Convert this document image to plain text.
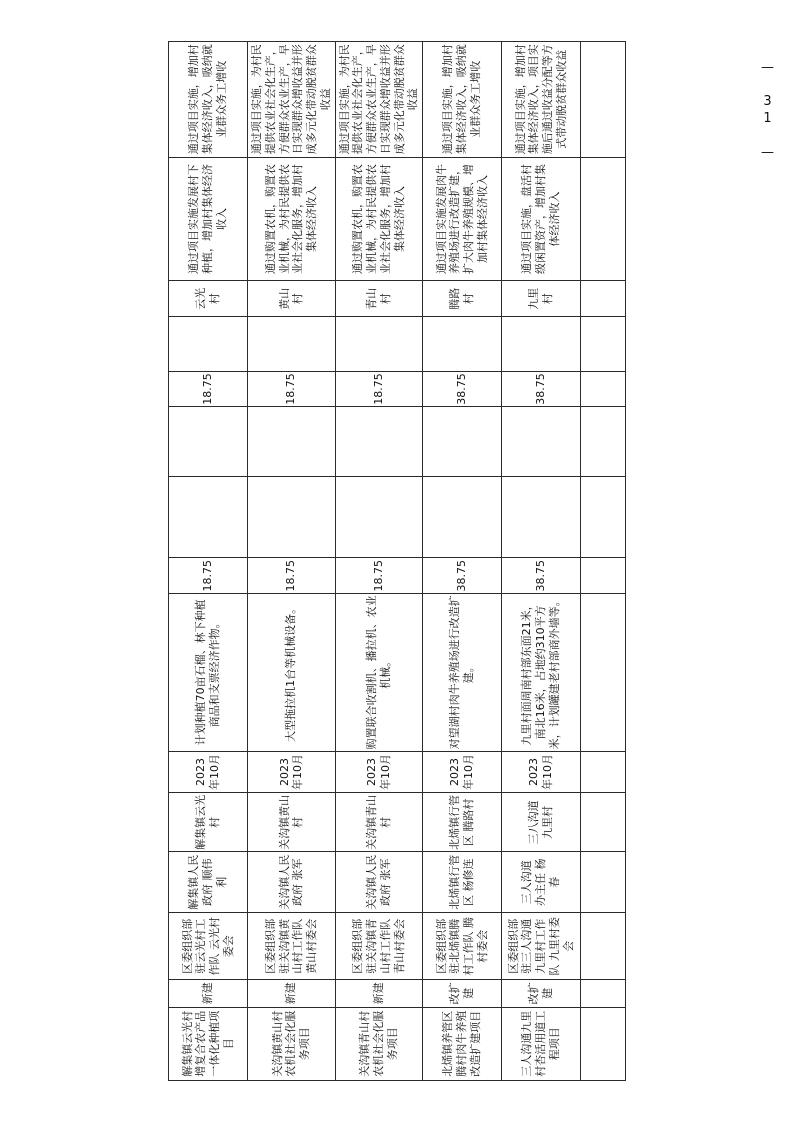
— 31 —
解集镇云光村增复合农产品一体化种植项目	新建	区委组织部 驻云光村工作队 云光村委会	解集镇人民政府 顺伟利	解集镇云光村	2023年10月	计划种植70亩石榴、林下种植商品和支票经济作物。	18.75			18.75		云光村	通过项目实施发展村下种植，增加村集体经济收入	通过项目实施，增加村集体经济收入，吸纳就业群众务工增收
关沟镇黄山村农机社会化服务项目	新建	区委组织部 驻关沟镇黄山村工作队 黄山村委会	关沟镇人民政府 张军	关沟镇黄山村	2023年10月	大型拖拉机1台等机械设备。	18.75			18.75		黄山村	通过购置农机，购置农业机械，为村民提供农业社会化服务，增加村集体经济收入	通过项目实施，为村民提供农业社会化生产，方便群众农业生产，早日实现群众增收益并形成多元化带动脱贫群众收益
关沟镇青山村农机社会化服务项目	新建	区委组织部 驻关沟镇青山村工作队 青山村委会	关沟镇人民政府 张军	关沟镇青山村	2023年10月	购置联合收割机、播拉机、农业机械。	18.75			18.75		青山村	通过购置农机，购置农业机械，为村民提供农业社会化服务，增加村集体经济收入	通过项目实施，为村民提供农业社会化生产，方便群众农业生产，早日实现群众增收益并形成多元化带动脱贫群众收益
北烯镇养管区腾村肉牛养殖改造扩建项目	改扩建	区委组织部 驻北烯镇腾村工作队 腾村委会	北烯镇行管区 杨修连	北烯镇行管区 腾路村	2023年10月	对望湖村肉牛养殖场进行改造扩建。	38.75			38.75		腾路村	通过项目实施发展肉牛养殖场进行改造扩建，扩大肉牛养殖规模、增加村集体经济收入	通过项目实施，增加村集体经济收入，吸纳就业群众务工增收
三人沟通九里村杏活用道工程项目	改扩建	区委组织部 驻三人沟通九里村工作队 九里村委会	三人沟道 办主任 杨春	三八沟道 九里村	2023年10月	九里村面周南村部东面21米，南北16米，占地约310平方米，计划罐建老村部商外墙等。	38.75			38.75		九里村	通过项目实施，盘活村级闲置资产，增加村集体经济收入	通过项目实施，增加村集体经济收入，项目实施后通过收益分配等方式带动脱贫群众收益
